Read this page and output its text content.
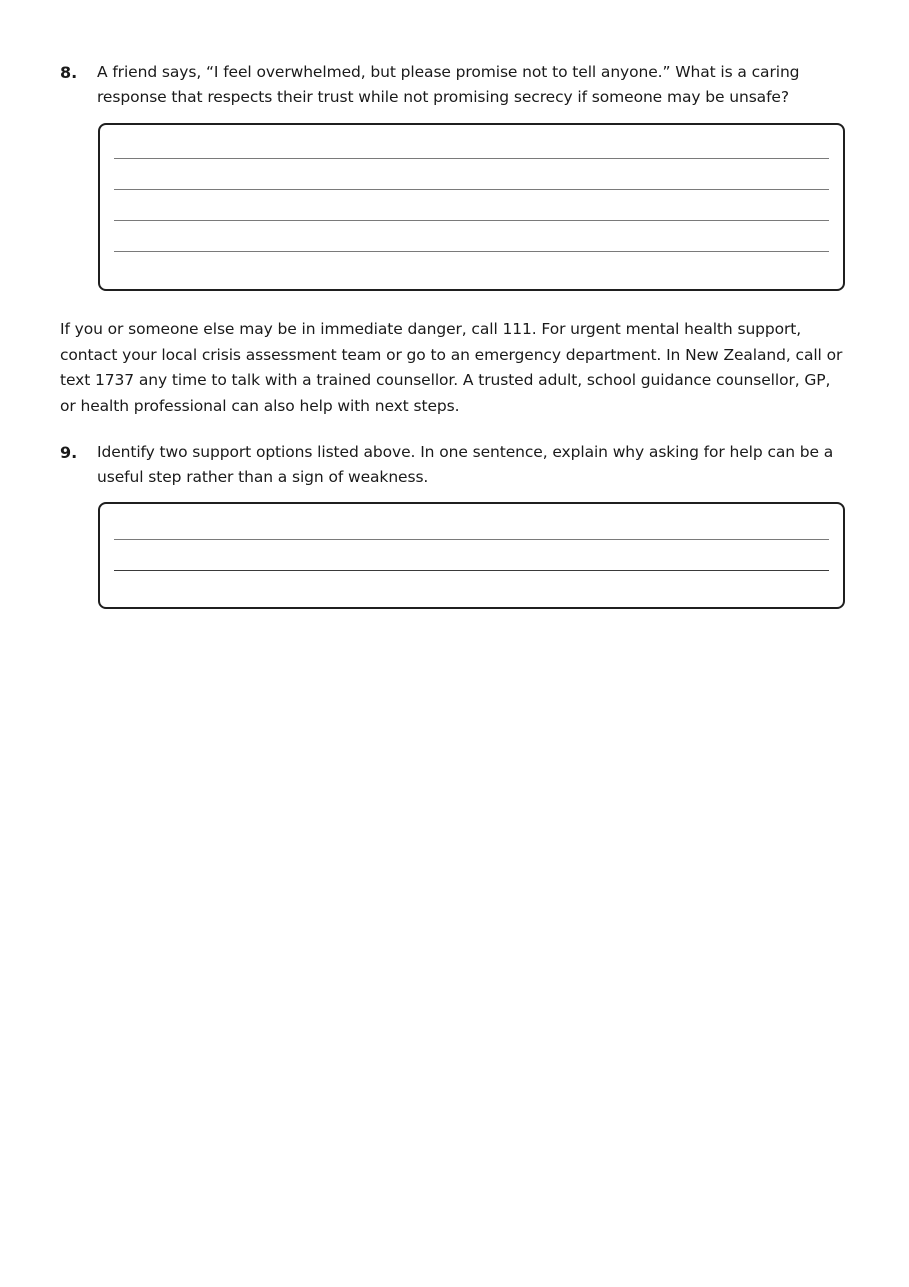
8. A friend says, “I feel overwhelmed, but please promise not to tell anyone.” What is a caring response that respects their trust while not promising secrecy if someone may be unsafe?
If you or someone else may be in immediate danger, call 111. For urgent mental health support, contact your local crisis assessment team or go to an emergency department. In New Zealand, call or text 1737 any time to talk with a trained counsellor. A trusted adult, school guidance counsellor, GP, or health professional can also help with next steps.
9. Identify two support options listed above. In one sentence, explain why asking for help can be a useful step rather than a sign of weakness.
